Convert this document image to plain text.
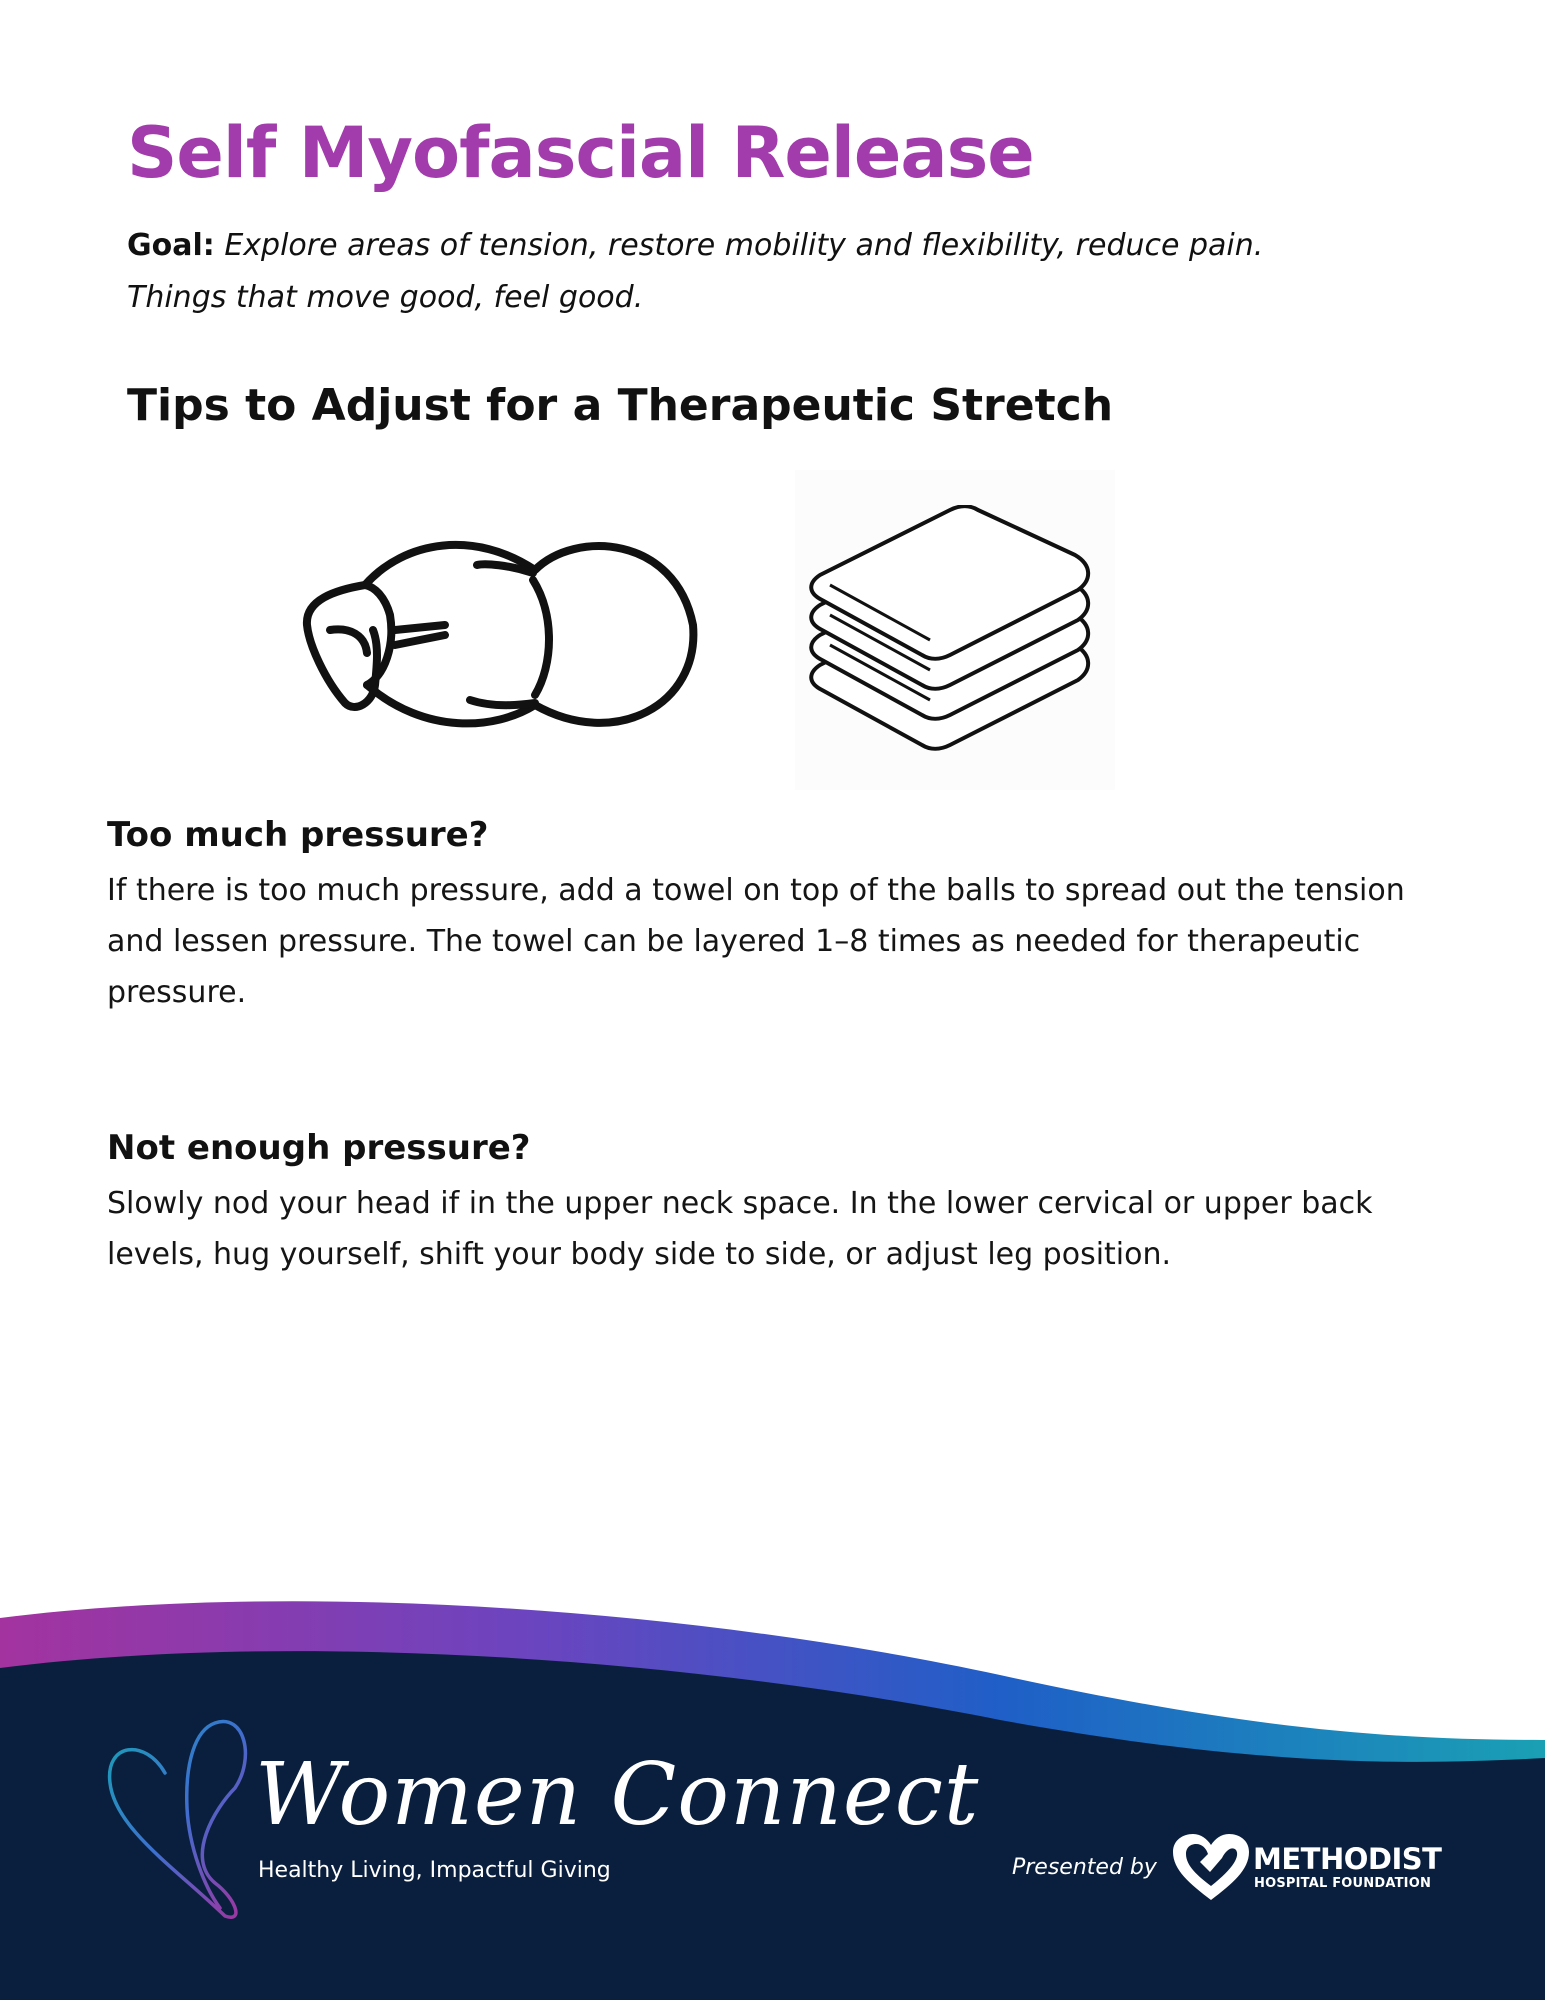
Self Myofascial Release

Goal: Explore areas of tension, restore mobility and flexibility, reduce pain.
Things that move good, feel good.

Tips to Adjust for a Therapeutic Stretch
Too much pressure?

If there is too much pressure, add a towel on top of the balls to spread out the tension
and lessen pressure. The towel can be layered 1–8 times as needed for therapeutic
pressure.

Not enough pressure?

Slowly nod your head if in the upper neck space. In the lower cervical or upper back
levels, hug yourself, shift your body side to side, or adjust leg position.

Women Connect
Healthy Living, Impactful Giving	Presented by	METHODIST
HOSPITAL FOUNDATION
